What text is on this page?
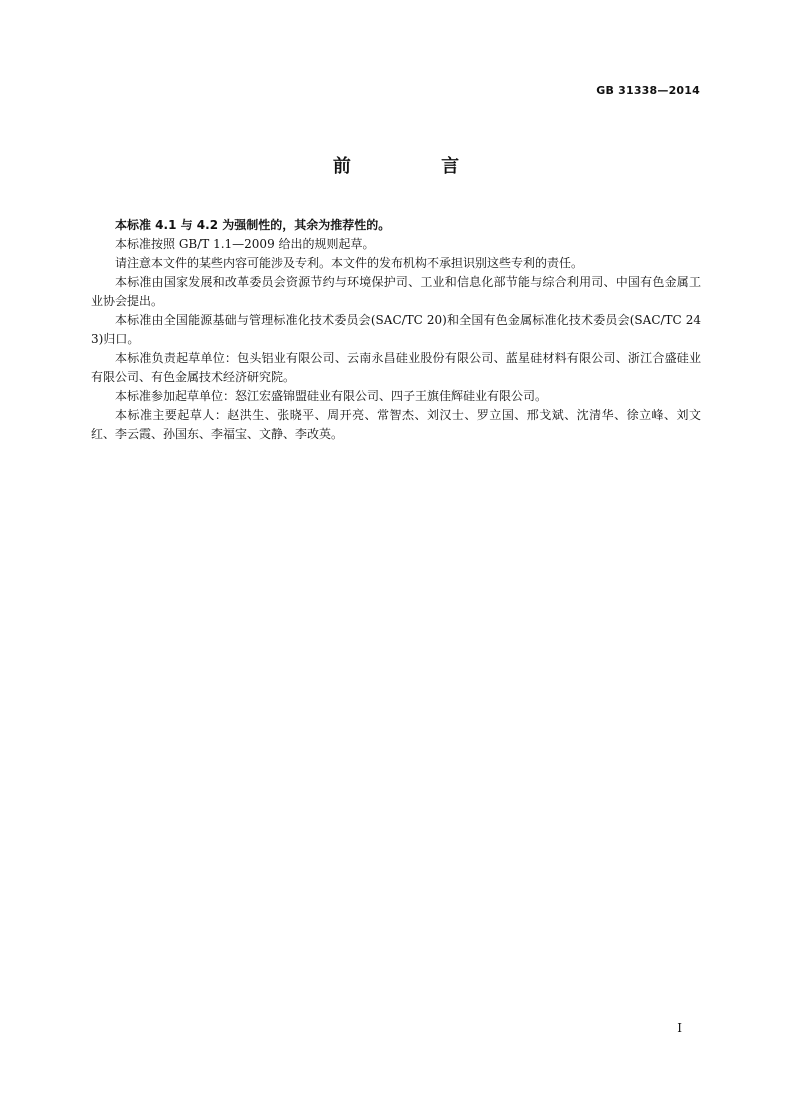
GB 31338—2014
前 言

本标准 4.1 与 4.2 为强制性的，其余为推荐性的。

本标准按照 GB/T 1.1—2009 给出的规则起草。

请注意本文件的某些内容可能涉及专利。本文件的发布机构不承担识别这些专利的责任。

本标准由国家发展和改革委员会资源节约与环境保护司、工业和信息化部节能与综合利用司、中国有色金属工业协会提出。

本标准由全国能源基础与管理标准化技术委员会(SAC/TC 20)和全国有色金属标准化技术委员会(SAC/TC 243)归口。

本标准负责起草单位：包头铝业有限公司、云南永昌硅业股份有限公司、蓝星硅材料有限公司、浙江合盛硅业有限公司、有色金属技术经济研究院。

本标准参加起草单位：怒江宏盛锦盟硅业有限公司、四子王旗佳辉硅业有限公司。

本标准主要起草人：赵洪生、张晓平、周开亮、常智杰、刘汉士、罗立国、邢戈斌、沈清华、徐立峰、刘文红、李云霞、孙国东、李福宝、文静、李改英。

I
